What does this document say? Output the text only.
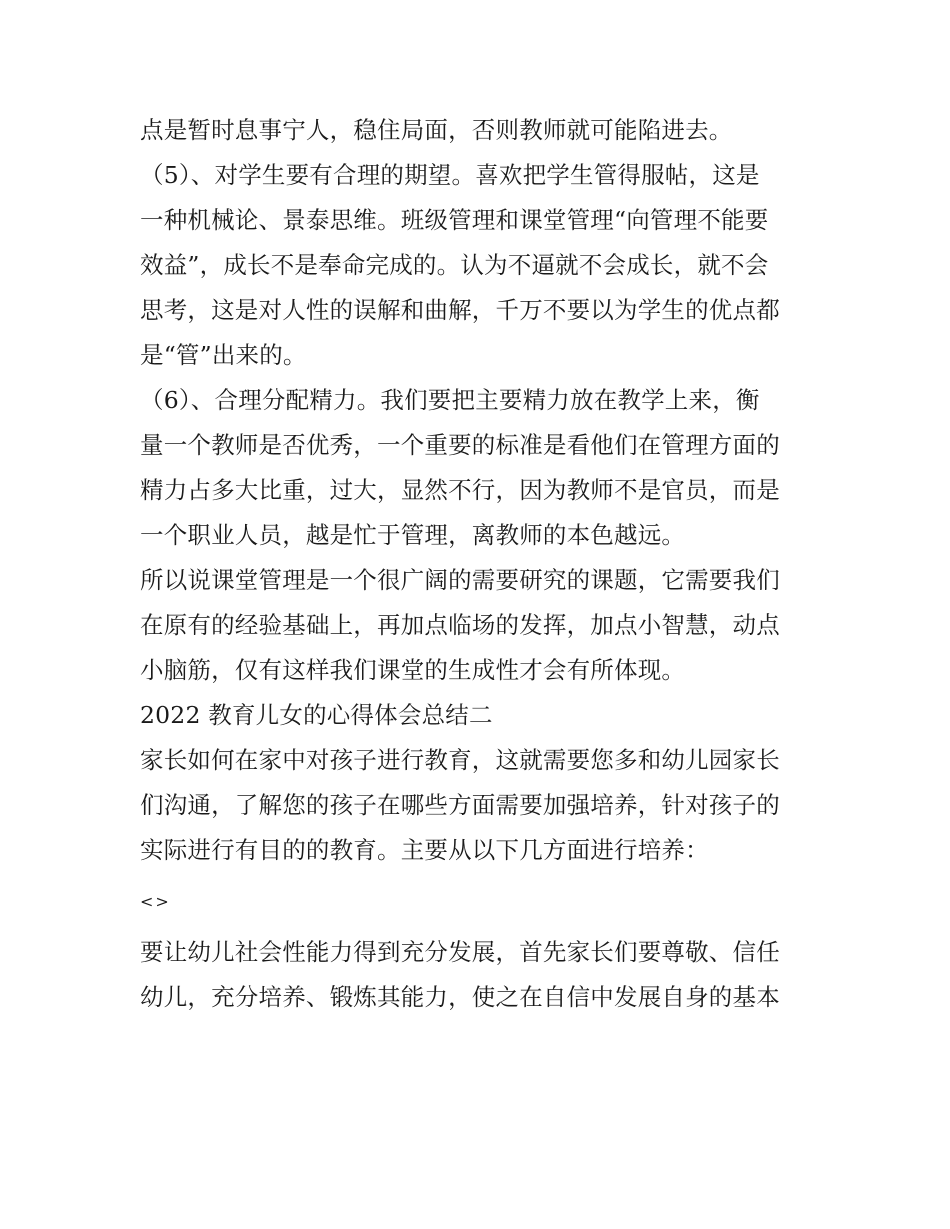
点是暂时息事宁人，稳住局面，否则教师就可能陷进去。
（5）、对学生要有合理的期望。喜欢把学生管得服帖，这是
一种机械论、景泰思维。班级管理和课堂管理“向管理不能要
效益”，成长不是奉命完成的。认为不逼就不会成长，就不会
思考，这是对人性的误解和曲解，千万不要以为学生的优点都
是“管”出来的。
（6）、合理分配精力。我们要把主要精力放在教学上来，衡
量一个教师是否优秀，一个重要的标准是看他们在管理方面的
精力占多大比重，过大，显然不行，因为教师不是官员，而是
一个职业人员，越是忙于管理，离教师的本色越远。
所以说课堂管理是一个很广阔的需要研究的课题，它需要我们
在原有的经验基础上，再加点临场的发挥，加点小智慧，动点
小脑筋，仅有这样我们课堂的生成性才会有所体现。
2022 教育儿女的心得体会总结二
家长如何在家中对孩子进行教育，这就需要您多和幼儿园家长
们沟通，了解您的孩子在哪些方面需要加强培养，针对孩子的
实际进行有目的的教育。主要从以下几方面进行培养：
<>
要让幼儿社会性能力得到充分发展，首先家长们要尊敬、信任
幼儿，充分培养、锻炼其能力，使之在自信中发展自身的基本
